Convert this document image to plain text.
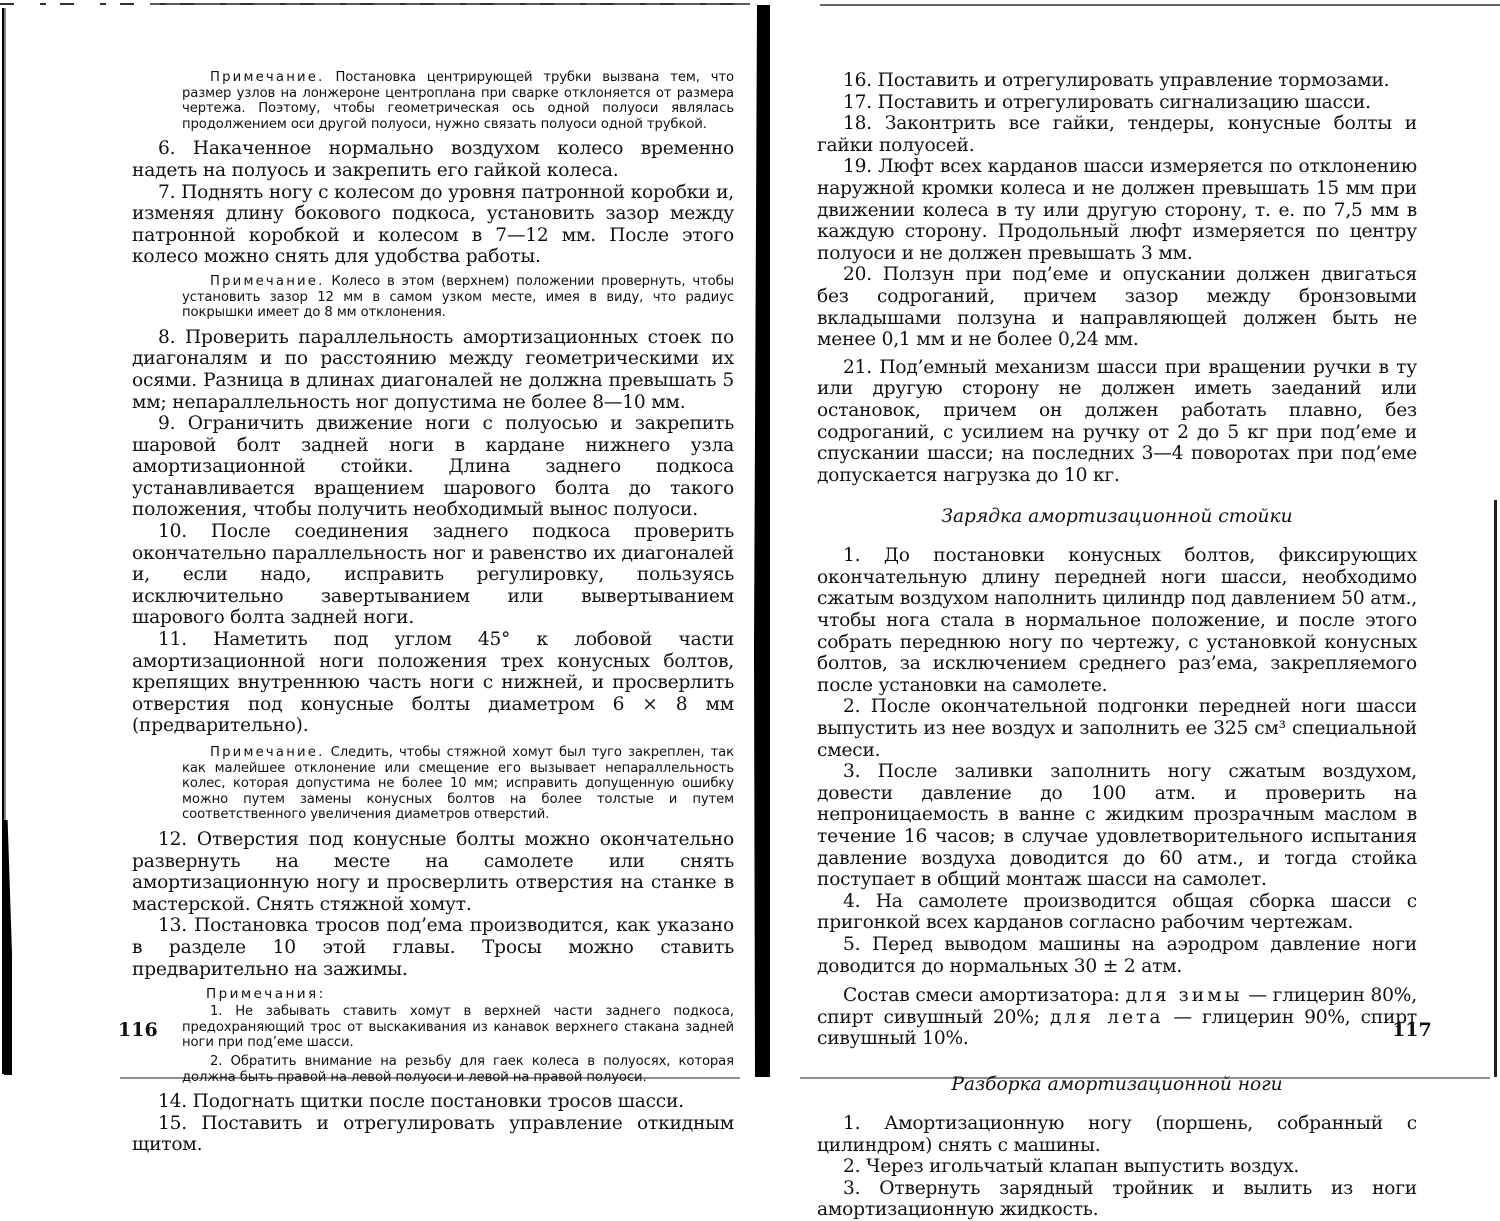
Примечание. Постановка центрирующей трубки вызвана тем, что размер узлов на лонжероне центроплана при сварке отклоняется от размера чертежа. Поэтому, чтобы геометрическая ось одной полуоси являлась продолжением оси другой полуоси, нужно связать полуоси одной трубкой.

6. Накаченное нормально воздухом колесо временно надеть на полуось и закрепить его гайкой колеса.

7. Поднять ногу с колесом до уровня патронной коробки и, изменяя длину бокового подкоса, установить зазор между патронной коробкой и колесом в 7—12 мм. После этого колесо можно снять для удобства работы.

Примечание. Колесо в этом (верхнем) положении провернуть, чтобы установить зазор 12 мм в самом узком месте, имея в виду, что радиус покрышки имеет до 8 мм отклонения.

8. Проверить параллельность амортизационных стоек по диагоналям и по расстоянию между геометрическими их осями. Разница в длинах диагоналей не должна превышать 5 мм; непараллельность ног допустима не более 8—10 мм.

9. Ограничить движение ноги с полуосью и закрепить шаровой болт задней ноги в кардане нижнего узла амортизационной стойки. Длина заднего подкоса устанавливается вращением шарового болта до такого положения, чтобы получить необходимый вынос полуоси.

10. После соединения заднего подкоса проверить окончательно параллельность ног и равенство их диагоналей и, если надо, исправить регулировку, пользуясь исключительно завертыванием или вывертыванием шарового болта задней ноги.

11. Наметить под углом 45° к лобовой части амортизационной ноги положения трех конусных болтов, крепящих внутреннюю часть ноги с нижней, и просверлить отверстия под конусные болты диаметром 6 × 8 мм (предварительно).

Примечание. Следить, чтобы стяжной хомут был туго закреплен, так как малейшее отклонение или смещение его вызывает непараллельность колес, которая допустима не более 10 мм; исправить допущенную ошибку можно путем замены конусных болтов на более толстые и путем соответственного увеличения диаметров отверстий.

12. Отверстия под конусные болты можно окончательно развернуть на месте на самолете или снять амортизационную ногу и просверлить отверстия на станке в мастерской. Снять стяжной хомут.

13. Постановка тросов под’ема производится, как указано в разделе 10 этой главы. Тросы можно ставить предварительно на зажимы.

Примечания:

1. Не забывать ставить хомут в верхней части заднего подкоса, предохраняющий трос от выскакивания из канавок верхнего стакана задней ноги при под’еме шасси.

2. Обратить внимание на резьбу для гаек колеса в полуосях, которая должна быть правой на левой полуоси и левой на правой полуоси.

14. Подогнать щитки после постановки тросов шасси.

15. Поставить и отрегулировать управление откидным щитом.

116

16. Поставить и отрегулировать управление тормозами.

17. Поставить и отрегулировать сигнализацию шасси.

18. Законтрить все гайки, тендеры, конусные болты и гайки полуосей.

19. Люфт всех карданов шасси измеряется по отклонению наружной кромки колеса и не должен превышать 15 мм при движении колеса в ту или другую сторону, т. е. по 7,5 мм в каждую сторону. Продольный люфт измеряется по центру полуоси и не должен превышать 3 мм.

20. Ползун при под’еме и опускании должен двигаться без содроганий, причем зазор между бронзовыми вкладышами ползуна и направляющей должен быть не менее 0,1 мм и не более 0,24 мм.

21. Под’емный механизм шасси при вращении ручки в ту или другую сторону не должен иметь заеданий или остановок, причем он должен работать плавно, без содроганий, с усилием на ручку от 2 до 5 кг при под’еме и спускании шасси; на последних 3—4 поворотах при под’еме допускается нагрузка до 10 кг.

Зарядка амортизационной стойки

1. До постановки конусных болтов, фиксирующих окончательную длину передней ноги шасси, необходимо сжатым воздухом наполнить цилиндр под давлением 50 атм., чтобы нога стала в нормальное положение, и после этого собрать переднюю ногу по чертежу, с установкой конусных болтов, за исключением среднего раз’ема, закрепляемого после установки на самолете.

2. После окончательной подгонки передней ноги шасси выпустить из нее воздух и заполнить ее 325 см³ специальной смеси.

3. После заливки заполнить ногу сжатым воздухом, довести давление до 100 атм. и проверить на непроницаемость в ванне с жидким прозрачным маслом в течение 16 часов; в случае удовлетворительного испытания давление воздуха доводится до 60 атм., и тогда стойка поступает в общий монтаж шасси на самолет.

4. На самолете производится общая сборка шасси с пригонкой всех карданов согласно рабочим чертежам.

5. Перед выводом машины на аэродром давление ноги доводится до нормальных 30 ± 2 атм.

Состав смеси амортизатора: для зимы — глицерин 80%, спирт сивушный 20%; для лета — глицерин 90%, спирт сивушный 10%.

Разборка амортизационной ноги

1. Амортизационную ногу (поршень, собранный с цилиндром) снять с машины.

2. Через игольчатый клапан выпустить воздух.

3. Отвернуть зарядный тройник и вылить из ноги амортизационную жидкость.

117
